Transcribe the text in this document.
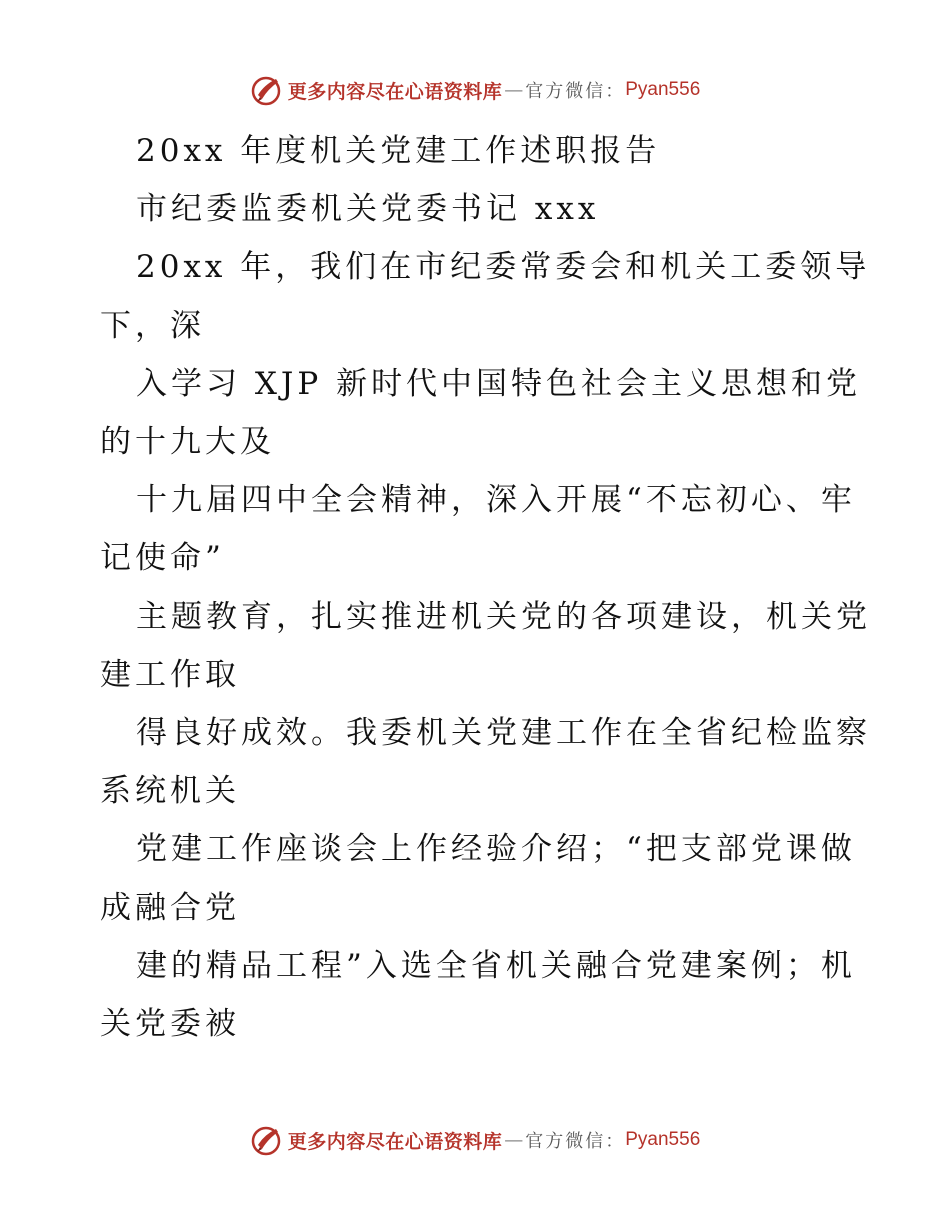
更多内容尽在心语资料库 — 官方微信： Pyan556
20xx 年度机关党建工作述职报告
市纪委监委机关党委书记 xxx
20xx 年，我们在市纪委常委会和机关工委领导
下，深
入学习 XJP 新时代中国特色社会主义思想和党
的十九大及
十九届四中全会精神，深入开展“不忘初心、牢
记使命”
主题教育，扎实推进机关党的各项建设，机关党
建工作取
得良好成效。我委机关党建工作在全省纪检监察
系统机关
党建工作座谈会上作经验介绍；“把支部党课做
成融合党
建的精品工程”入选全省机关融合党建案例；机
关党委被
更多内容尽在心语资料库 — 官方微信： Pyan556
